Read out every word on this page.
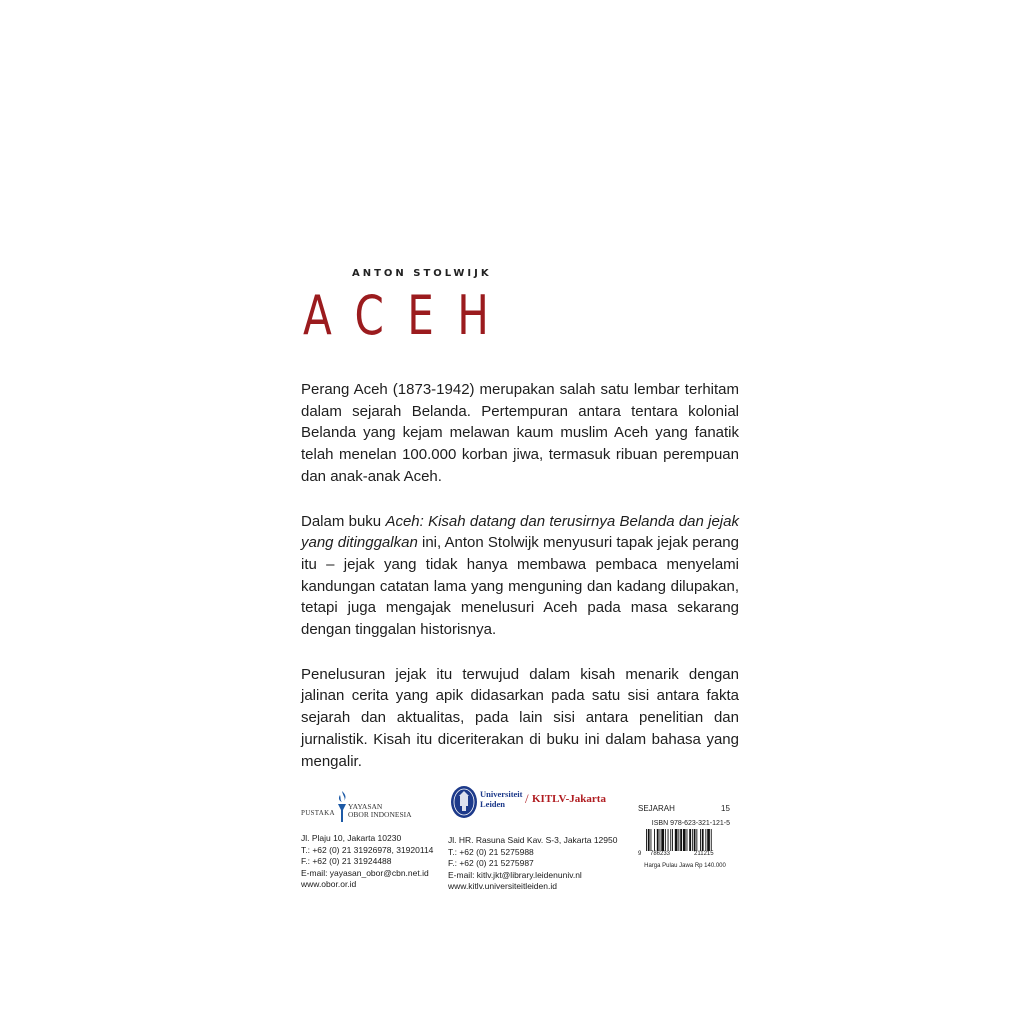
ANTON STOLWIJK
ACEH

Perang Aceh (1873-1942) merupakan salah satu lembar terhitam dalam sejarah Belanda. Pertempuran antara tentara kolonial Belanda yang kejam melawan kaum muslim Aceh yang fanatik telah menelan 100.000 korban jiwa, termasuk ribuan perempuan dan anak-anak Aceh.

Dalam buku Aceh: Kisah datang dan terusirnya Belanda dan jejak yang ditinggalkan ini, Anton Stolwijk menyusuri tapak jejak perang itu – jejak yang tidak hanya membawa pembaca menyelami kandungan catatan lama yang menguning dan kadang dilupakan, tetapi juga mengajak menelusuri Aceh pada masa sekarang dengan tinggalan historisnya.

Penelusuran jejak itu terwujud dalam kisah menarik dengan jalinan cerita yang apik didasarkan pada satu sisi antara fakta sejarah dan aktualitas, pada lain sisi antara penelitian dan jurnalistik. Kisah itu diceriterakan di buku ini dalam bahasa yang mengalir.

PUSTAKA
YAYASAN
OBOR INDONESIA
Jl. Plaju 10, Jakarta 10230
T.: +62 (0) 21 31926978, 31920114
F.: +62 (0) 21 31924488
E-mail: yayasan_obor@cbn.net.id
www.obor.or.id
Universiteit
Leiden	/ KITLV-Jakarta
Jl. HR. Rasuna Said Kav. S-3, Jakarta 12950
T.: +62 (0) 21 5275988
F.: +62 (0) 21 5275987
E-mail: kitlv.jkt@library.leidenuniv.nl
www.kitlv.universiteitleiden.id
SEJARAH	15
ISBN 978-623-321-121-5
9 786233	211215
Harga Pulau Jawa Rp 140.000
